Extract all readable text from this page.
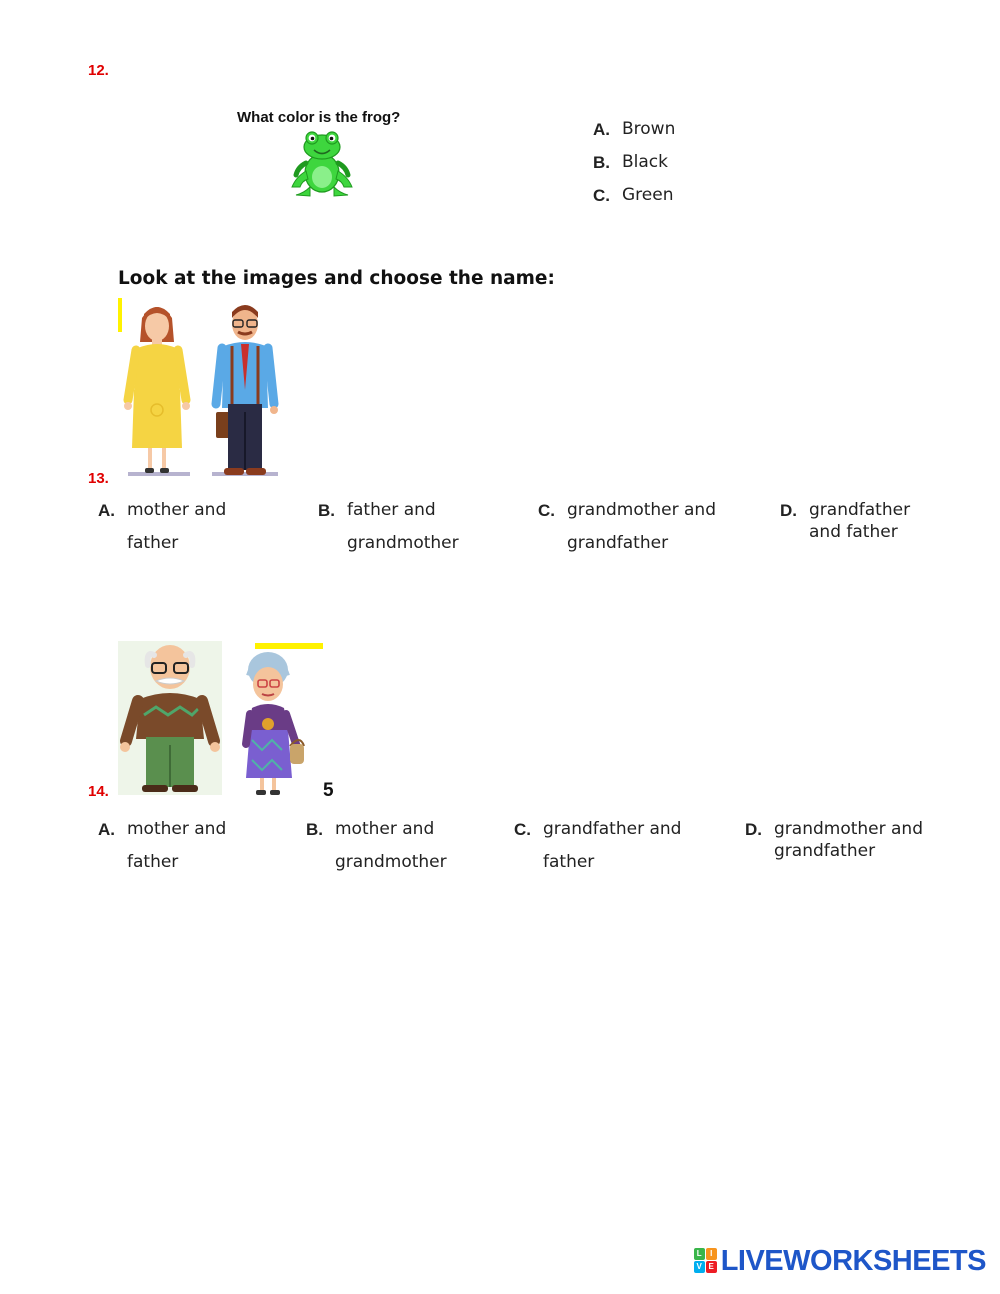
12.
What color is the frog?
A. Brown
B. Black
C. Green
Look at the images and choose the name:
13.
A. mother and
father
B. father and
grandmother
C. grandmother and
grandfather
D. grandfather
and father
14.	5
A. mother and
father
B. mother and
grandmother
C. grandfather and
father
D. grandmother and
grandfather
L	I
V E LIVEWORKSHEETS
